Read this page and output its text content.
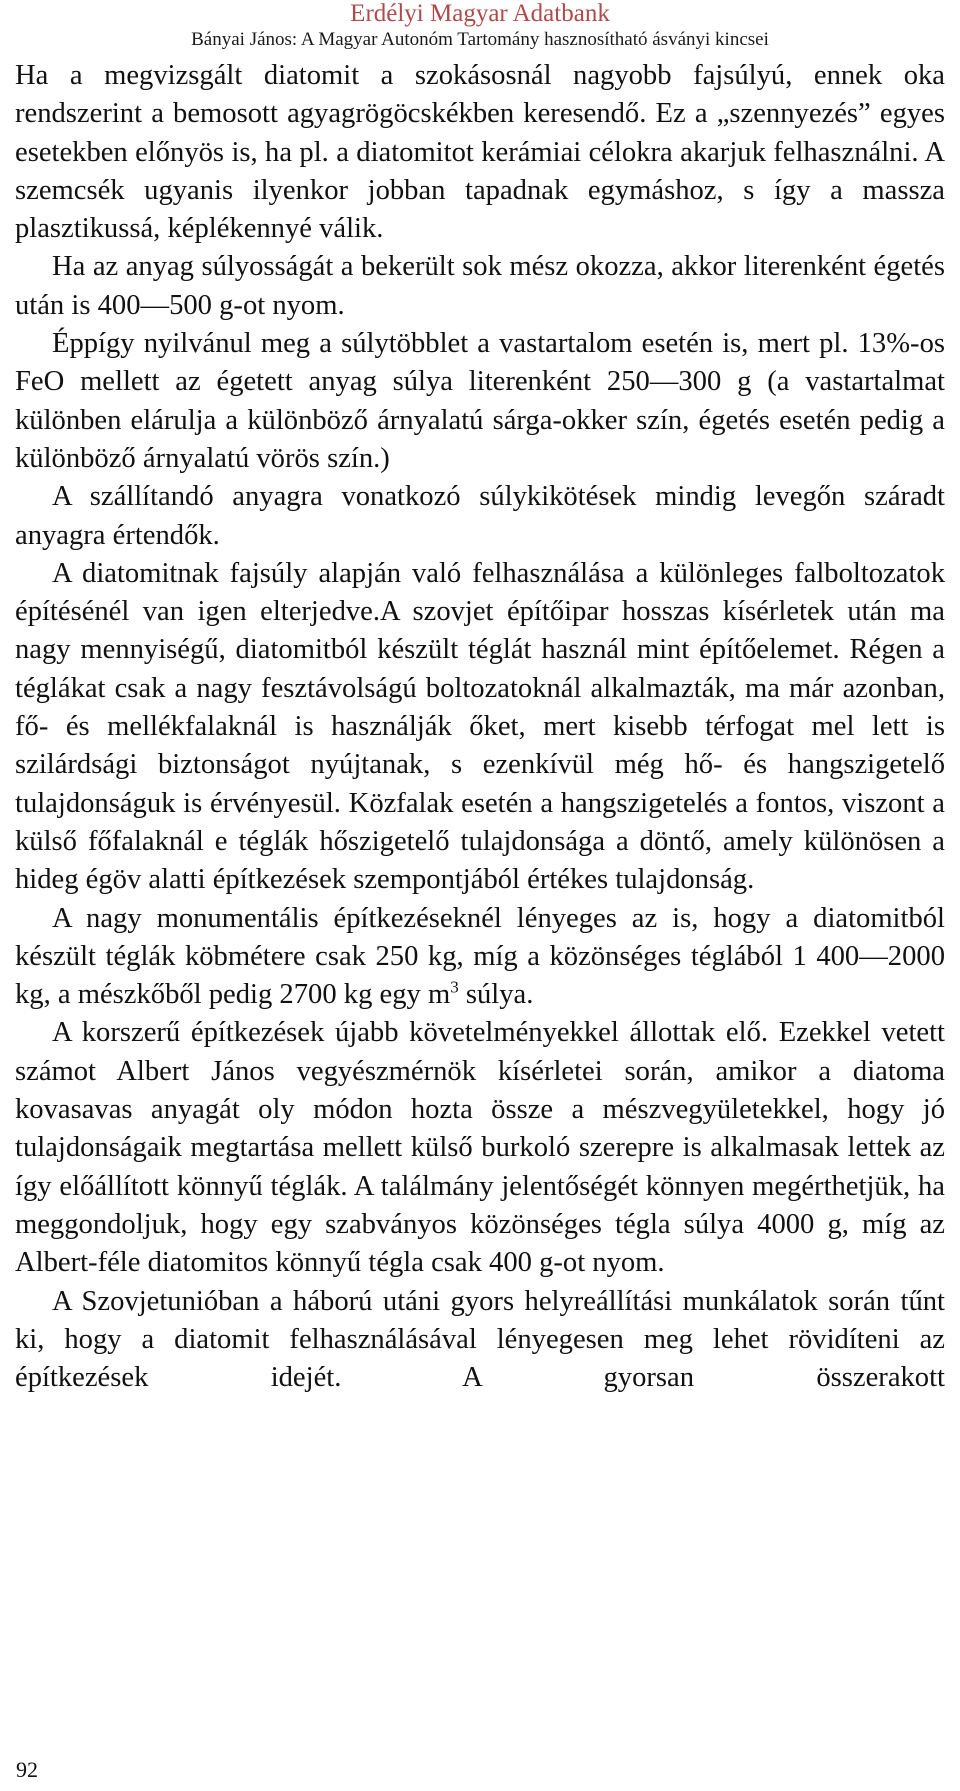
Erdélyi Magyar Adatbank
Bányai János: A Magyar Autonóm Tartomány hasznosítható ásványi kincsei

Ha a megvizsgált diatomit a szokásosnál nagyobb fajsúlyú, ennek oka rendszerint a bemosott agyagrögöcskékben keresendő. Ez a „szennyezés” egyes esetekben előnyös is, ha pl. a diatomitot kerámiai célokra akarjuk felhasználni. A szemcsék ugyanis ilyenkor jobban tapadnak egymáshoz, s így a massza plasztikussá, képlékennyé válik.

Ha az anyag súlyosságát a bekerült sok mész okozza, akkor literenként égetés után is 400—500 g-ot nyom.

Éppígy nyilvánul meg a súlytöbblet a vastartalom esetén is, mert pl. 13%-os FeO mellett az égetett anyag súlya literenként 250—300 g (a vastartalmat különben elárulja a különböző árnyalatú sárga-okker szín, égetés esetén pedig a különböző árnyalatú vörös szín.)

A szállítandó anyagra vonatkozó súlykikötések mindig levegőn száradt anyagra értendők.

A diatomitnak fajsúly alapján való felhasználása a különleges falboltozatok építésénél van igen elterjedve.A szovjet építőipar hosszas kísérletek után ma nagy mennyiségű, diatomitból készült téglát használ mint építőelemet. Régen a téglákat csak a nagy fesztávolságú boltozatoknál alkalmazták, ma már azonban, fő- és mellékfalaknál is használják őket, mert kisebb térfogat mel lett is szilárdsági biztonságot nyújtanak, s ezenkívül még hő- és hangszigetelő tulajdonságuk is érvényesül. Közfalak esetén a hangszigetelés a fontos, viszont a külső főfalaknál e téglák hőszigetelő tulajdonsága a döntő, amely különösen a hideg égöv alatti építkezések szempontjából értékes tulajdonság.

A nagy monumentális építkezéseknél lényeges az is, hogy a diatomitból készült téglák köbmétere csak 250 kg, míg a közönséges téglából 1 400—2000 kg, a mészkőből pedig 2700 kg egy $m^3$ súlya.

A korszerű építkezések újabb követelményekkel állottak elő. Ezekkel vetett számot Albert János vegyészmérnök kísérletei során, amikor a diatoma kovasavas anyagát oly módon hozta össze a mészvegyületekkel, hogy jó tulajdonságaik megtartása mellett külső burkoló szerepre is alkalmasak lettek az így előállított könnyű téglák. A találmány jelentőségét könnyen megérthetjük, ha meggondoljuk, hogy egy szabványos közönséges tégla súlya 4000 g, míg az Albert-féle diatomitos könnyű tégla csak 400 g-ot nyom.

A Szovjetunióban a háború utáni gyors helyreállítási munkálatok során tűnt ki, hogy a diatomit felhasználásával lényegesen meg lehet rövidíteni az építkezések idejét. A gyorsan összerakott

92
